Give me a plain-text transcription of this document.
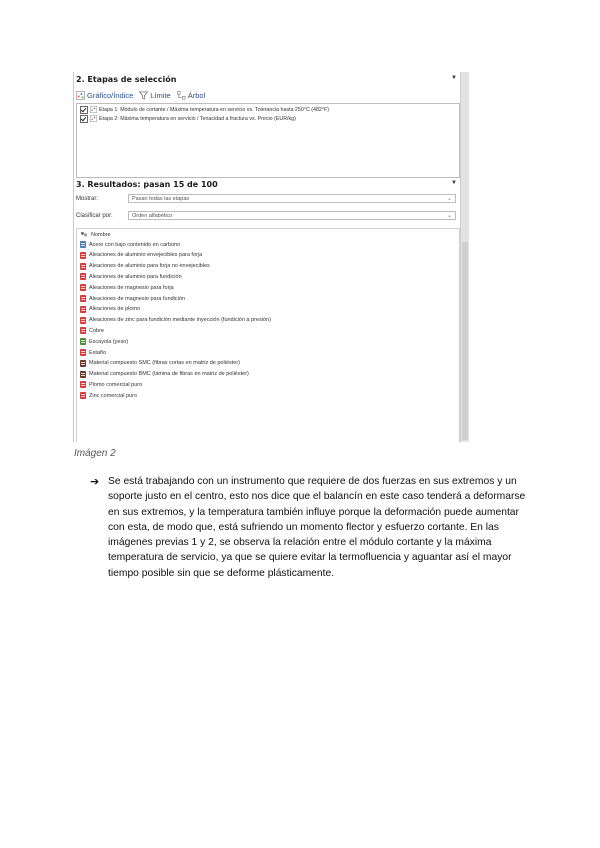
2. Etapas de selección	▼
Gráfico/Índice Límite Árbol
Etapa 1: Módulo de cortante / Máxima temperatura en servicio vs. Tolerancia hasta 250°C (482°F)
Etapa 2: Máxima temperatura en servicio / Tenacidad a fractura vs. Precio (EUR/kg)
3. Resultados: pasan 15 de 100	▼
Mostrar:	Pasan todas las etapas	⌄
Clasificar por:	Orden alfabético	⌄
Nombre
Acero con bajo contenido en carbono
Aleaciones de aluminio envejecibles para forja
Aleaciones de aluminio para forja no envejecibles
Aleaciones de aluminio para fundición
Aleaciones de magnesio para forja
Aleaciones de magnesio para fundición
Aleaciones de plomo
Aleaciones de zinc para fundición mediante inyección (fundición a presión)
Cobre
Escayola (yeso)
Estaño
Material compuesto SMC (fibras cortas en matriz de poliéster)
Material compuesto BMC (lámina de fibras en matriz de poliéster)
Plomo comercial puro
Zinc comercial puro
Imágen 2
➔ Se está trabajando con un instrumento que requiere de dos fuerzas en sus extremos y un soporte justo en el centro, esto nos dice que el balancín en este caso tenderá a deformarse en sus extremos, y la temperatura también influye porque la deformación puede aumentar con esta, de modo que, está sufriendo un momento flector y esfuerzo cortante. En las imágenes previas 1 y 2, se observa la relación entre el módulo cortante y la máxima temperatura de servicio, ya que se quiere evitar la termofluencia y aguantar así el mayor tiempo posible sin que se deforme plásticamente.
